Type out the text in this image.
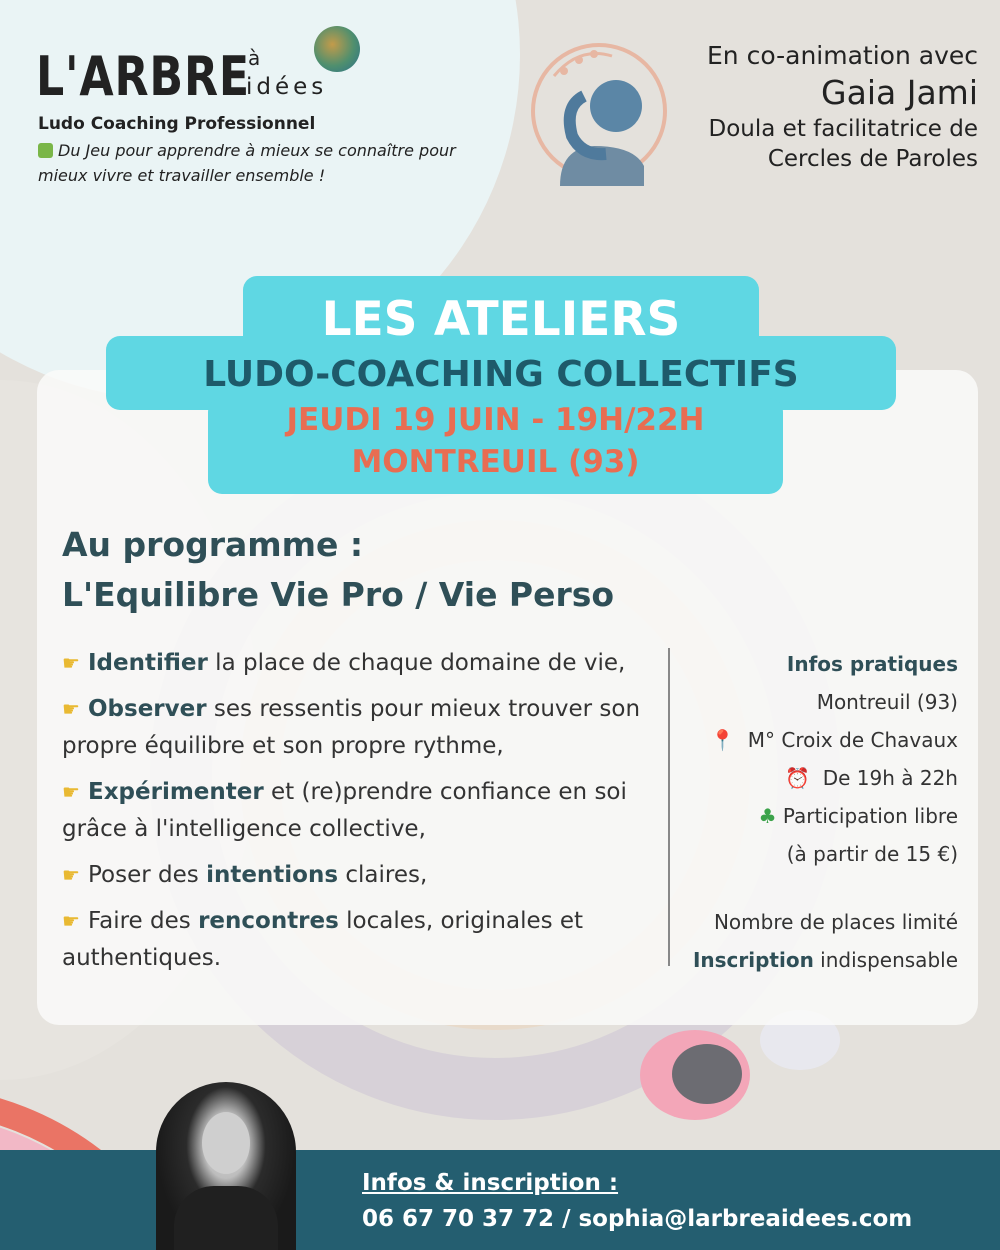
L'ARBRE
à
idées
Ludo Coaching Professionnel
Du Jeu pour apprendre à mieux se connaître pour mieux vivre et travailler ensemble !
En co-animation avec
Gaia Jami
Doula et facilitatrice de
Cercles de Paroles
LES ATELIERS
LUDO-COACHING COLLECTIFS
JEUDI 19 JUIN - 19H/22H
MONTREUIL (93)
Au programme :
L'Equilibre Vie Pro / Vie Perso

☛ Identifier la place de chaque domaine de vie,

☛ Observer ses ressentis pour mieux trouver son propre équilibre et son propre rythme,

☛ Expérimenter et (re)prendre confiance en soi grâce à l'intelligence collective,

☛ Poser des intentions claires,

☛ Faire des rencontres locales, originales et authentiques.

Infos pratiques
Montreuil (93)
📍 M° Croix de Chavaux
⏰ De 19h à 22h
♣ Participation libre
(à partir de 15 €)
Nombre de places limité
Inscription indispensable
Infos & inscription :
06 67 70 37 72 / sophia@larbreaidees.com
